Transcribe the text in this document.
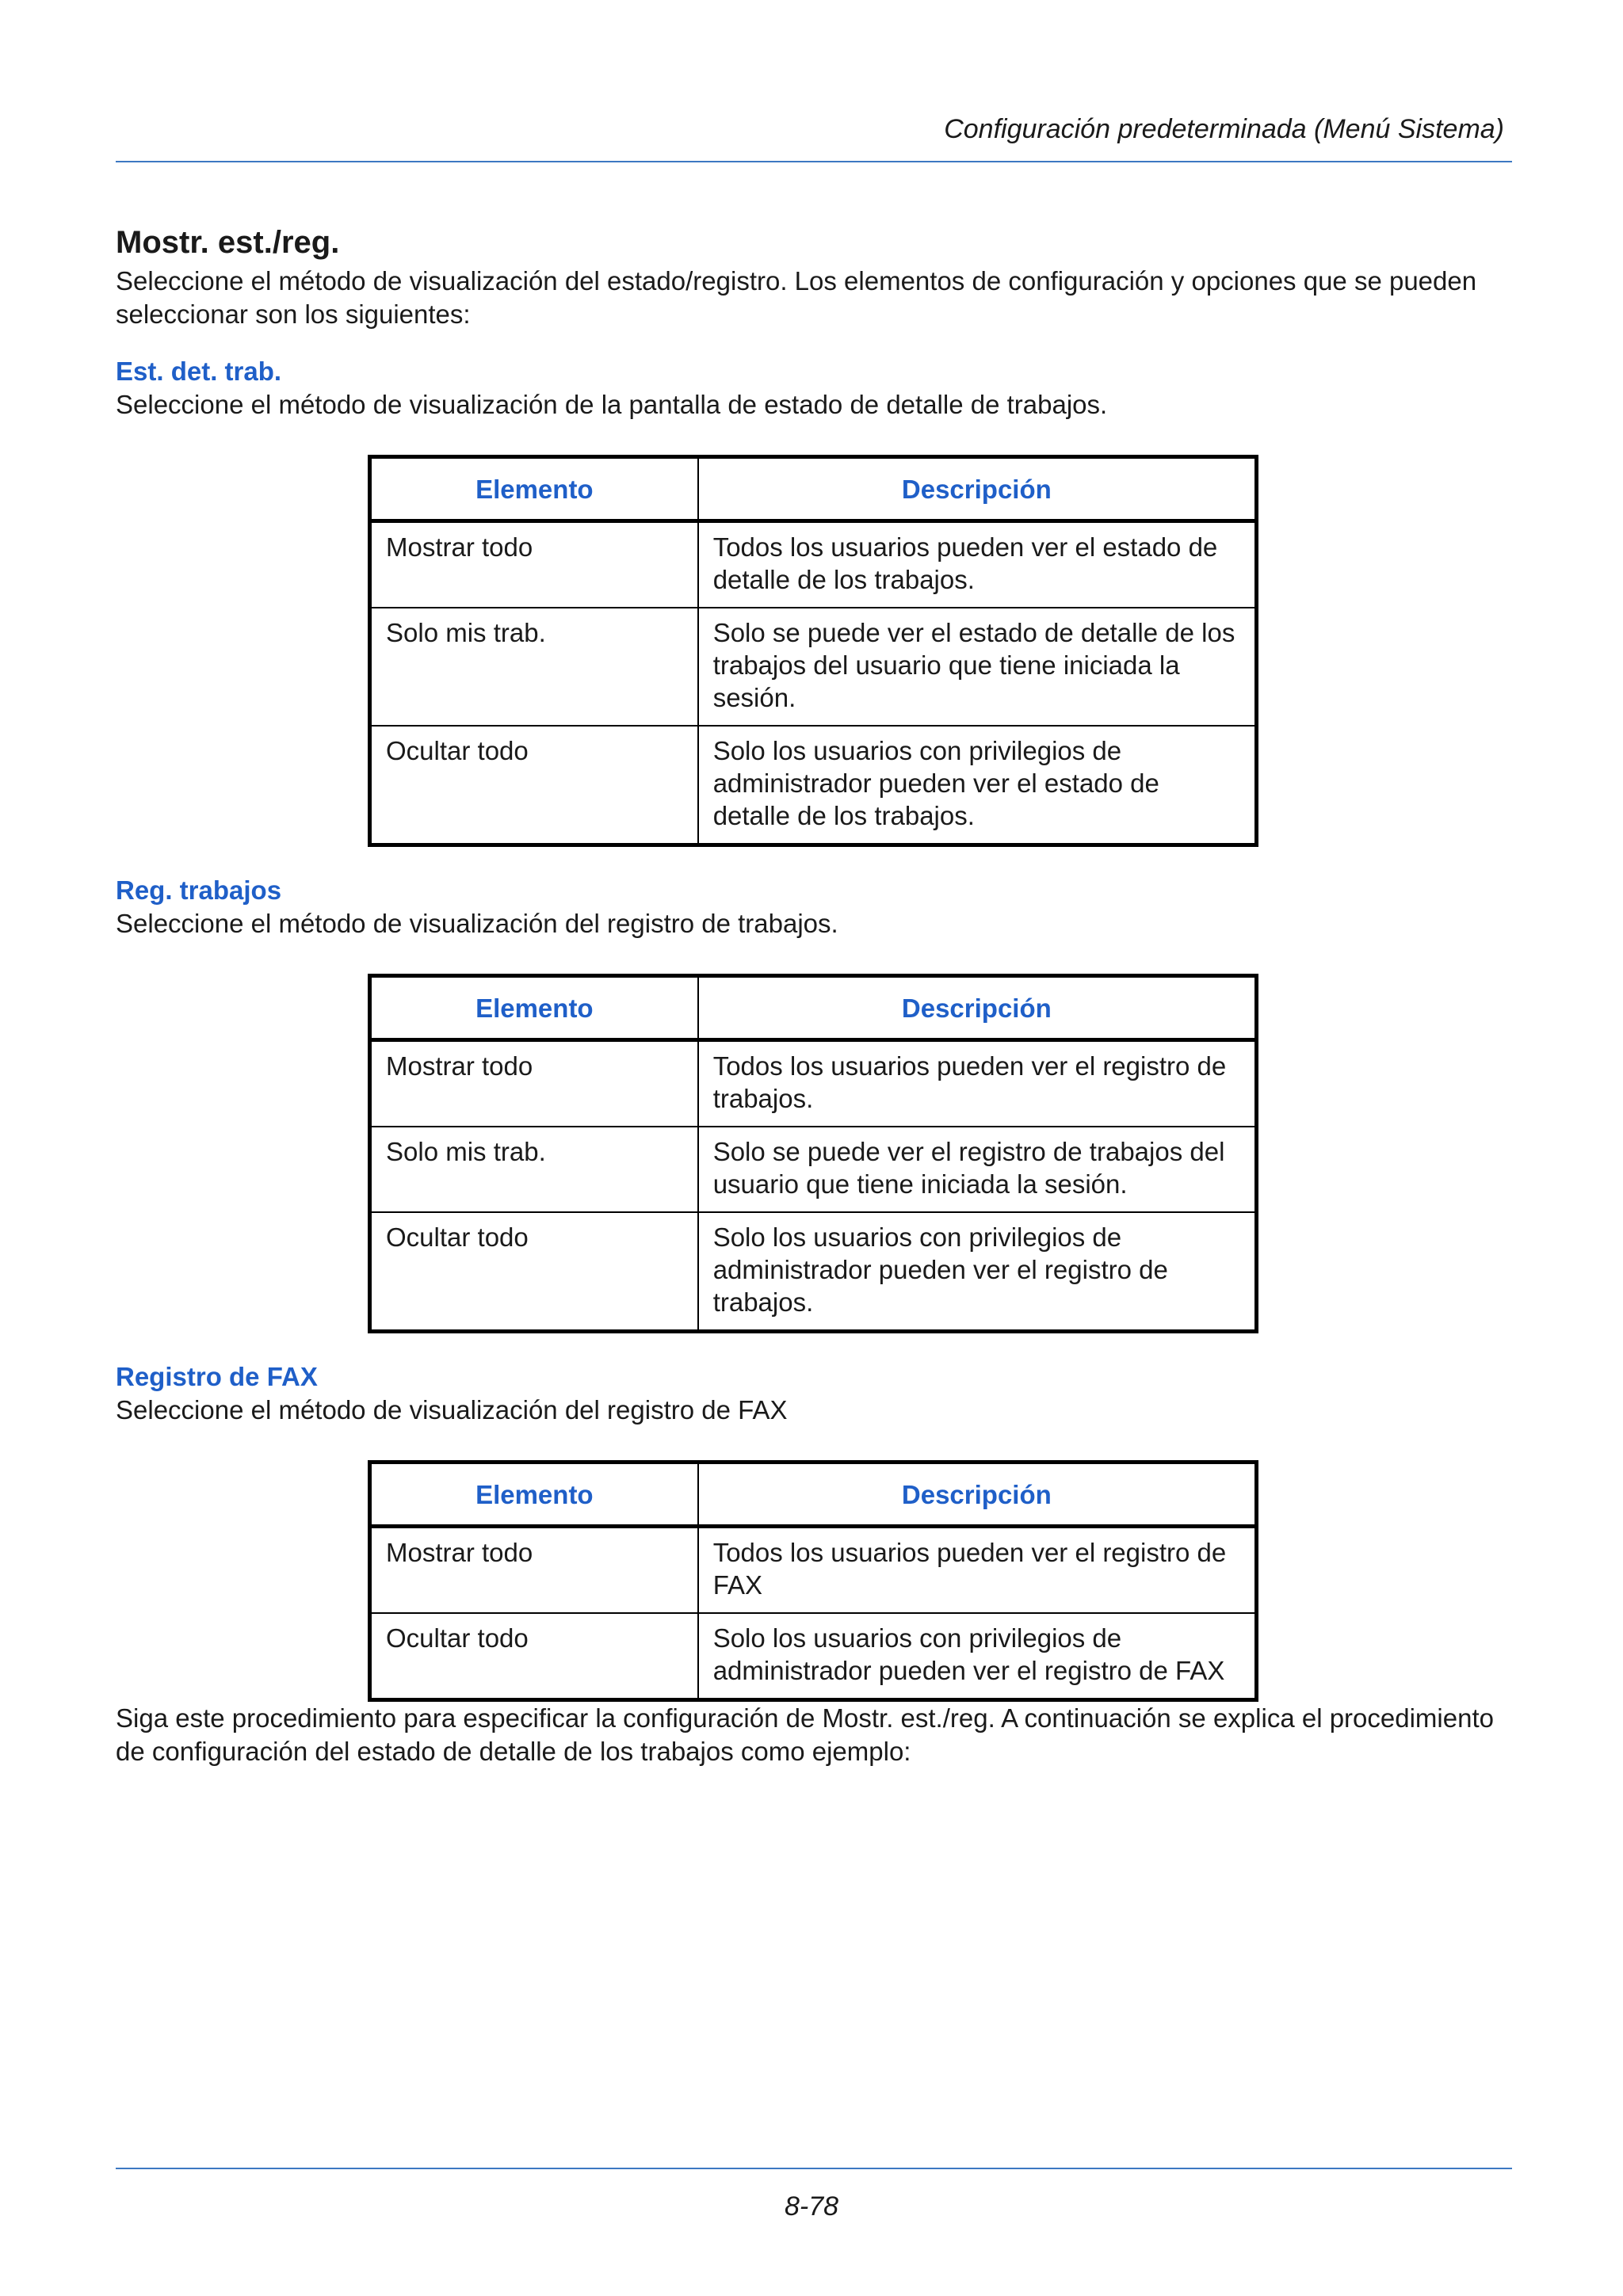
Configuración predeterminada (Menú Sistema)
Mostr. est./reg.

Seleccione el método de visualización del estado/registro. Los elementos de configuración y opciones que se pueden seleccionar son los siguientes:

Est. det. trab.

Seleccione el método de visualización de la pantalla de estado de detalle de trabajos.

Elemento	Descripción
Mostrar todo	Todos los usuarios pueden ver el estado de detalle de los trabajos.
Solo mis trab.	Solo se puede ver el estado de detalle de los trabajos del usuario que tiene iniciada la sesión.
Ocultar todo	Solo los usuarios con privilegios de administrador pueden ver el estado de detalle de los trabajos.
Reg. trabajos

Seleccione el método de visualización del registro de trabajos.

Elemento	Descripción
Mostrar todo	Todos los usuarios pueden ver el registro de trabajos.
Solo mis trab.	Solo se puede ver el registro de trabajos del usuario que tiene iniciada la sesión.
Ocultar todo	Solo los usuarios con privilegios de administrador pueden ver el registro de trabajos.
Registro de FAX

Seleccione el método de visualización del registro de FAX

Elemento	Descripción
Mostrar todo	Todos los usuarios pueden ver el registro de FAX
Ocultar todo	Solo los usuarios con privilegios de administrador pueden ver el registro de FAX

Siga este procedimiento para especificar la configuración de Mostr. est./reg. A continuación se explica el procedimiento de configuración del estado de detalle de los trabajos como ejemplo:

8-78
